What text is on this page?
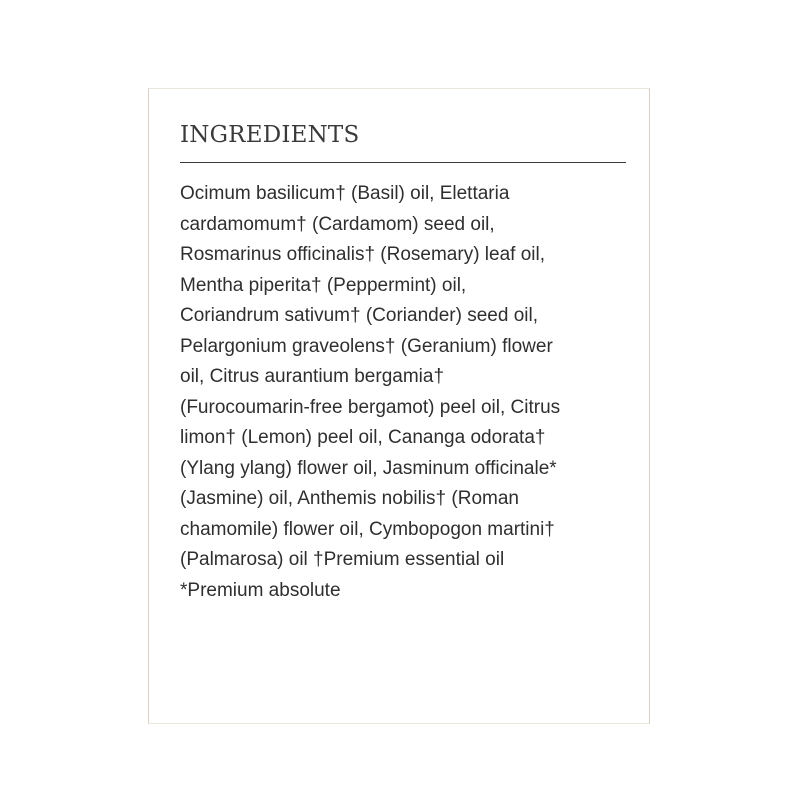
INGREDIENTS
Ocimum basilicum† (Basil) oil, Elettaria
cardamomum† (Cardamom) seed oil,
Rosmarinus officinalis† (Rosemary) leaf oil,
Mentha piperita† (Peppermint) oil,
Coriandrum sativum† (Coriander) seed oil,
Pelargonium graveolens† (Geranium) flower
oil, Citrus aurantium bergamia†
(Furocoumarin-free bergamot) peel oil, Citrus
limon† (Lemon) peel oil, Cananga odorata†
(Ylang ylang) flower oil, Jasminum officinale*
(Jasmine) oil, Anthemis nobilis† (Roman
chamomile) flower oil, Cymbopogon martini†
(Palmarosa) oil †Premium essential oil
*Premium absolute
